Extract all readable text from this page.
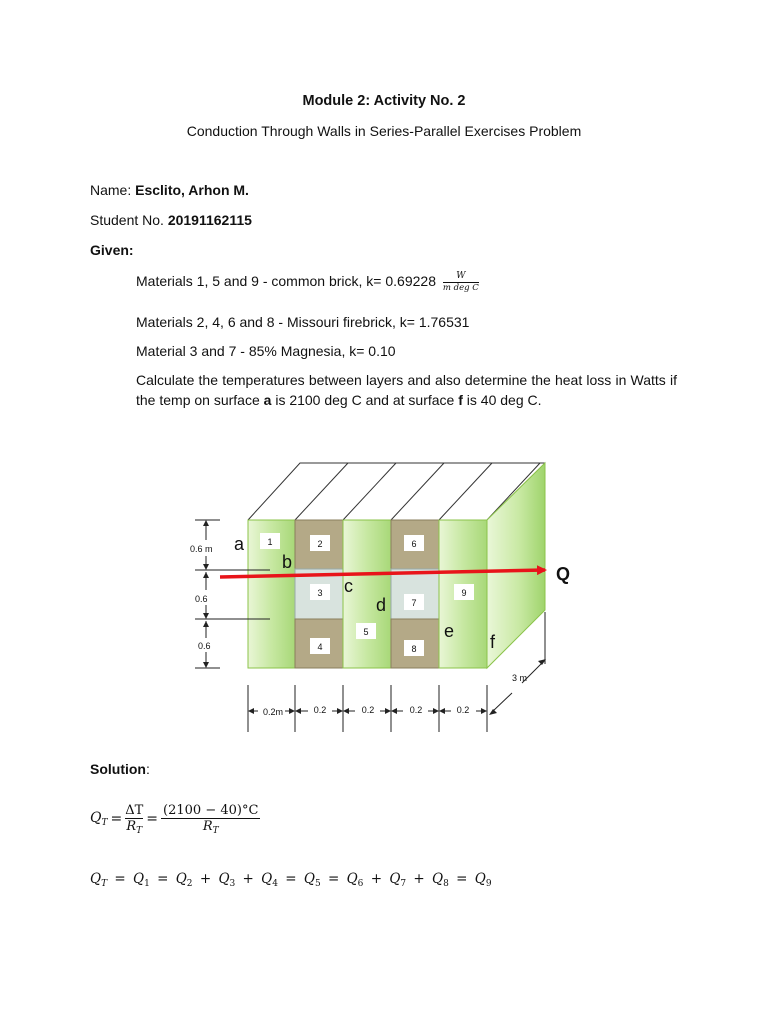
Module 2: Activity No. 2
Conduction Through Walls in Series-Parallel Exercises Problem
Name: Esclito, Arhon M.
Student No. 20191162115
Given:
Materials 1, 5 and 9 - common brick, $k= 0.69228 \frac{W}{\text{m deg C}}$
Materials 2, 4, 6 and 8 - Missouri firebrick, k= 1.76531
Material 3 and 7 - 85% Magnesia, k= 0.10
Calculate the temperatures between layers and also determine the heat loss in Watts if the temp on surface a is 2100 deg C and at surface f is 40 deg C.
1	2
3
4
5
6
7
8
9
a
b
c
d
e
f
Q
0.6 m
0.6
0.6
0.2m	0.2	0.2	0.2	0.2
3 m
Solution:
$Q_T$ =
ΔT
$R_T$
=
(2100 − 40)°C
$R_T$
$Q_T = Q_1 = Q_2 + Q_3 + Q_4 = Q_5 = Q_6 + Q_7 + Q_8 = Q_9$
